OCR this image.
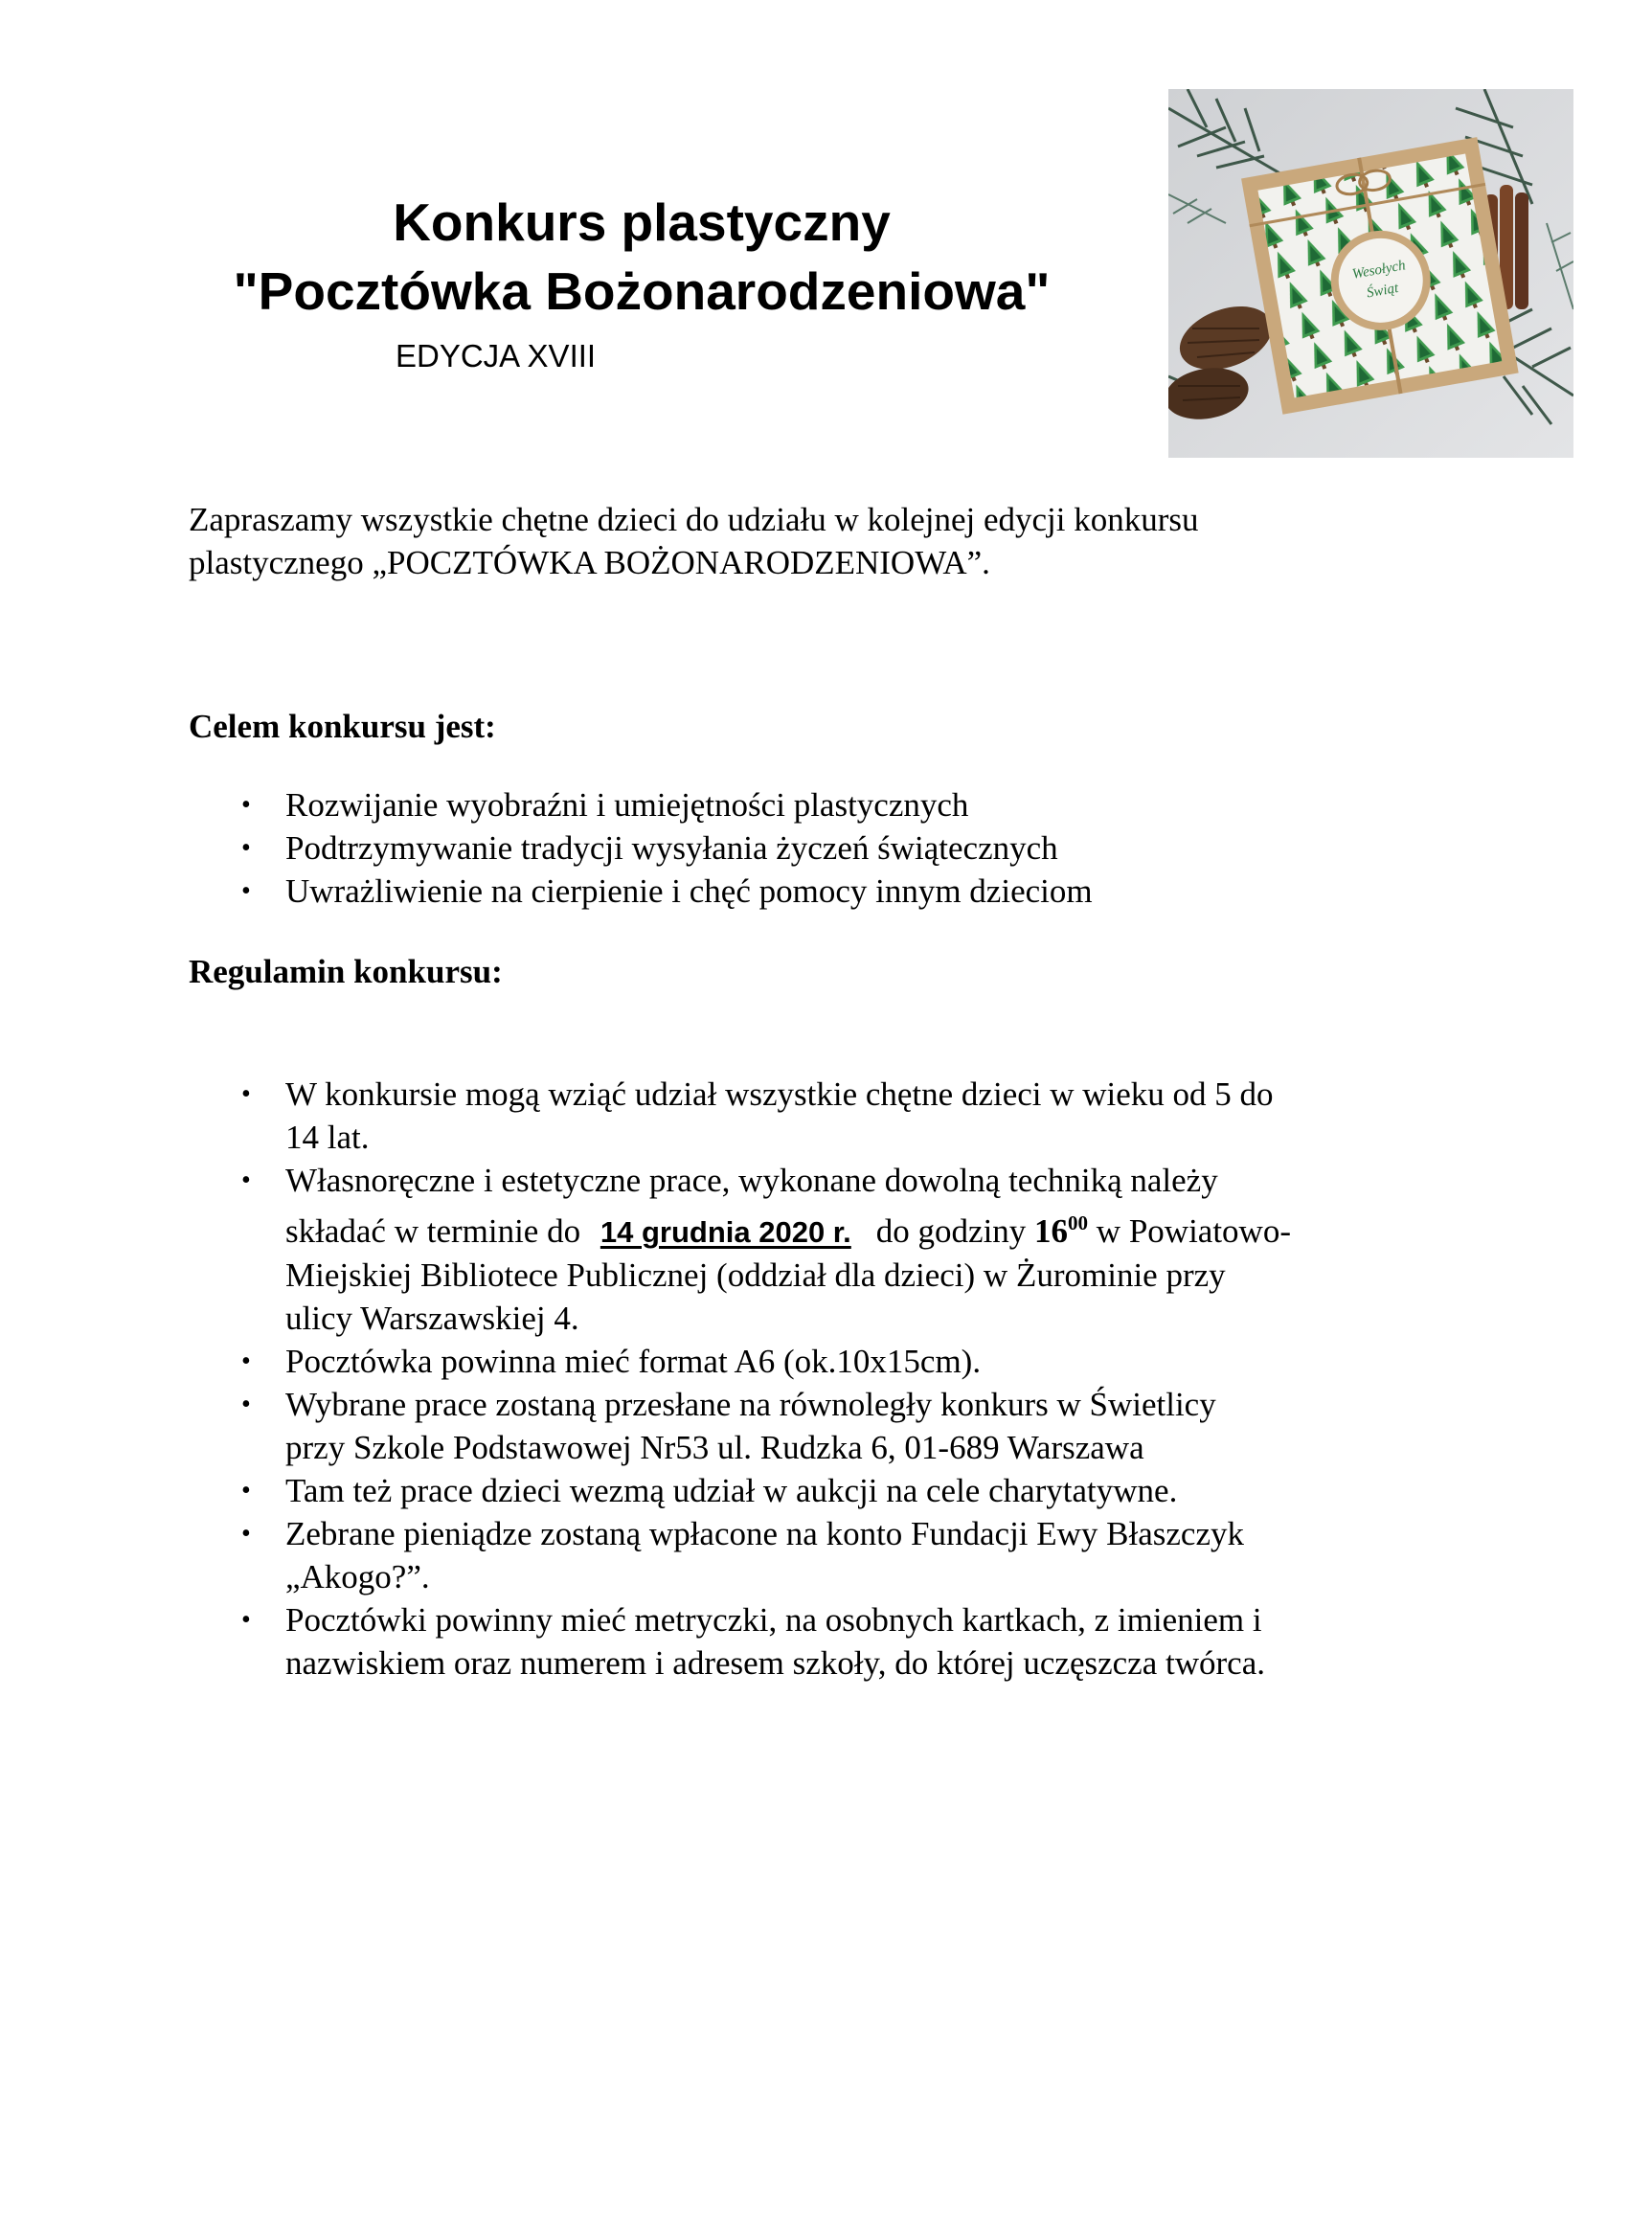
Konkurs plastyczny
"Pocztówka Bożonarodzeniowa"
EDYCJA XVIII
Wesołych
Świąt

Zapraszamy wszystkie chętne dzieci do udziału w kolejnej edycji konkursu
plastycznego „POCZTÓWKA BOŻONARODZENIOWA”.

Celem konkursu jest:
• Rozwijanie wyobraźni i umiejętności plastycznych
• Podtrzymywanie tradycji wysyłania życzeń świątecznych
• Uwrażliwienie na cierpienie i chęć pomocy innym dzieciom
Regulamin konkursu:
• W konkursie mogą wziąć udział wszystkie chętne dzieci w wieku od 5 do
14 lat.
• Własnoręczne i estetyczne prace, wykonane dowolną techniką należy
składać w terminie do 14 grudnia 2020 r. do godziny $16^{00}$ w Powiatowo-
Miejskiej Bibliotece Publicznej (oddział dla dzieci) w Żurominie przy
ulicy Warszawskiej 4.
• Pocztówka powinna mieć format A6 (ok.10x15cm).
• Wybrane prace zostaną przesłane na równoległy konkurs w Świetlicy
przy Szkole Podstawowej Nr53 ul. Rudzka 6, 01-689 Warszawa
• Tam też prace dzieci wezmą udział w aukcji na cele charytatywne.
• Zebrane pieniądze zostaną wpłacone na konto Fundacji Ewy Błaszczyk
„Akogo?”.
• Pocztówki powinny mieć metryczki, na osobnych kartkach, z imieniem i
nazwiskiem oraz numerem i adresem szkoły, do której uczęszcza twórca.
